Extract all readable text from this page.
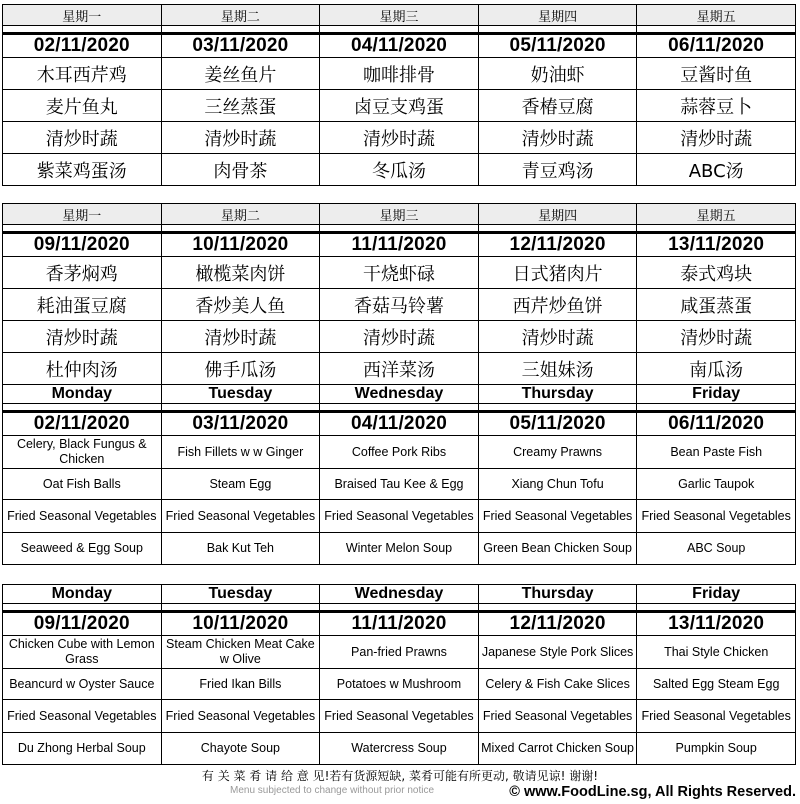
星期一	星期二	星期三	星期四	星期五

02/11/2020	03/11/2020	04/11/2020	05/11/2020	06/11/2020
木耳西芹鸡	姜丝鱼片	咖啡排骨	奶油虾	豆酱时鱼
麦片鱼丸	三丝蒸蛋	卤豆支鸡蛋	香椿豆腐	蒜蓉豆卜
清炒时蔬	清炒时蔬	清炒时蔬	清炒时蔬	清炒时蔬
紫菜鸡蛋汤	肉骨茶	冬瓜汤	青豆鸡汤	ABC汤
星期一	星期二	星期三	星期四	星期五

09/11/2020	10/11/2020	11/11/2020	12/11/2020	13/11/2020
香茅焖鸡	橄榄菜肉饼	干烧虾碌	日式猪肉片	泰式鸡块
耗油蛋豆腐	香炒美人鱼	香菇马铃薯	西芹炒鱼饼	咸蛋蒸蛋
清炒时蔬	清炒时蔬	清炒时蔬	清炒时蔬	清炒时蔬
杜仲肉汤	佛手瓜汤	西洋菜汤	三姐妹汤	南瓜汤
Monday	Tuesday	Wednesday	Thursday	Friday

02/11/2020	03/11/2020	04/11/2020	05/11/2020	06/11/2020
Celery, Black Fungus & Chicken	Fish Fillets w w Ginger	Coffee Pork Ribs	Creamy Prawns	Bean Paste Fish
Oat Fish Balls	Steam Egg	Braised Tau Kee & Egg	Xiang Chun Tofu	Garlic Taupok
Fried Seasonal Vegetables	Fried Seasonal Vegetables	Fried Seasonal Vegetables	Fried Seasonal Vegetables	Fried Seasonal Vegetables
Seaweed & Egg Soup	Bak Kut Teh	Winter Melon Soup	Green Bean Chicken Soup	ABC Soup
Monday	Tuesday	Wednesday	Thursday	Friday

09/11/2020	10/11/2020	11/11/2020	12/11/2020	13/11/2020
Chicken Cube with Lemon Grass	Steam Chicken Meat Cake w Olive	Pan-fried Prawns	Japanese Style Pork Slices	Thai Style Chicken
Beancurd w Oyster Sauce	Fried Ikan Bills	Potatoes w Mushroom	Celery & Fish Cake Slices	Salted Egg Steam Egg
Fried Seasonal Vegetables	Fried Seasonal Vegetables	Fried Seasonal Vegetables	Fried Seasonal Vegetables	Fried Seasonal Vegetables
Du Zhong Herbal Soup	Chayote Soup	Watercress Soup	Mixed Carrot Chicken Soup	Pumpkin Soup
有 关 菜 肴 请 给 意 见!若有货源短缺, 菜肴可能有所更动, 敬请见谅! 谢谢!
Menu subjected to change without prior notice	© www.FoodLine.sg, All Rights Reserved.
